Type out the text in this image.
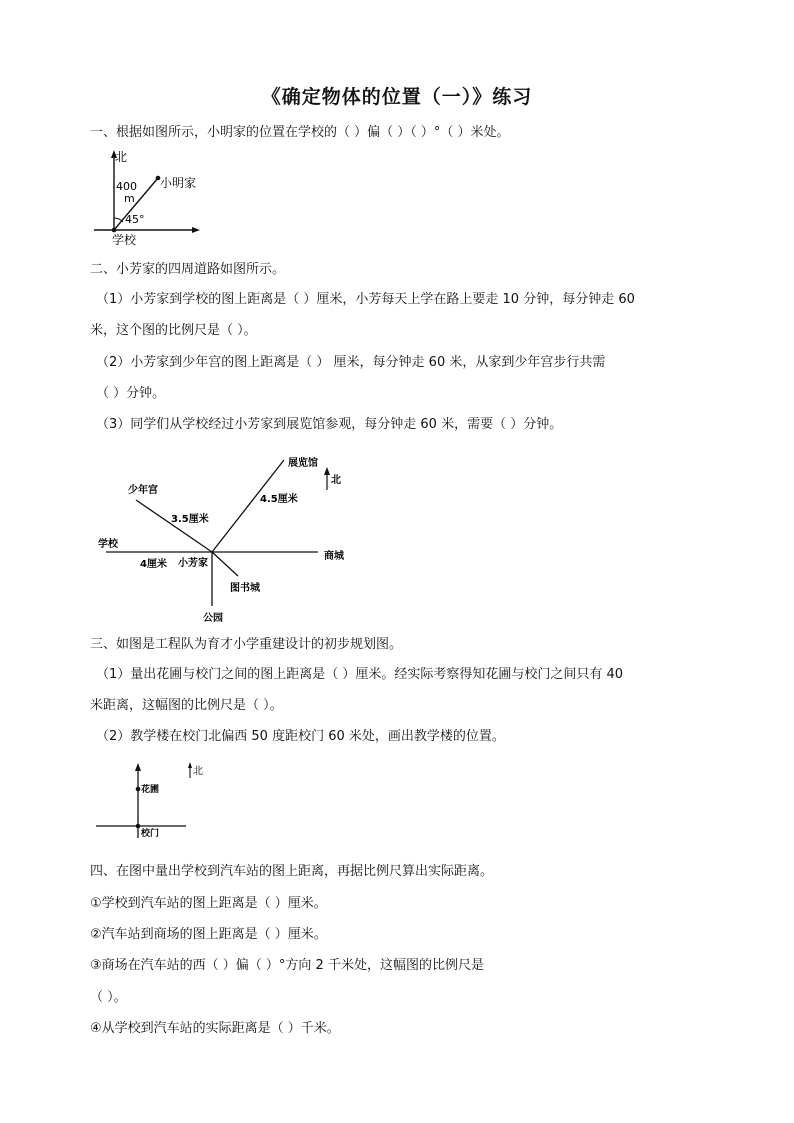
《确定物体的位置（一）》练习
一、根据如图所示，小明家的位置在学校的（ ）偏（ ）（ ）°（ ）米处。
北
400
m
45°
小明家
学校
二、小芳家的四周道路如图所示。
（1）小芳家到学校的图上距离是（ ）厘米，小芳每天上学在路上要走 10 分钟，每分钟走 60
米，这个图的比例尺是（ ）。
（2）小芳家到少年宫的图上距离是（ ） 厘米，每分钟走 60 米，从家到少年宫步行共需
（ ）分钟。
（3）同学们从学校经过小芳家到展览馆参观，每分钟走 60 米，需要（ ）分钟。
展览馆
北
少年宫
3.5厘米
4.5厘米
学校
4厘米 小芳家
商城
图书城
公园
三、如图是工程队为育才小学重建设计的初步规划图。
（1）量出花圃与校门之间的图上距离是（ ）厘米。经实际考察得知花圃与校门之间只有 40
米距离，这幅图的比例尺是（ ）。
（2）教学楼在校门北偏西 50 度距校门 60 米处，画出教学楼的位置。
花圃
校门
北
四、在图中量出学校到汽车站的图上距离，再据比例尺算出实际距离。
①学校到汽车站的图上距离是（ ）厘米。
②汽车站到商场的图上距离是（ ）厘米。
③商场在汽车站的西（ ）偏（ ）°方向 2 千米处，这幅图的比例尺是
（ ）。
④从学校到汽车站的实际距离是（ ）千米。
